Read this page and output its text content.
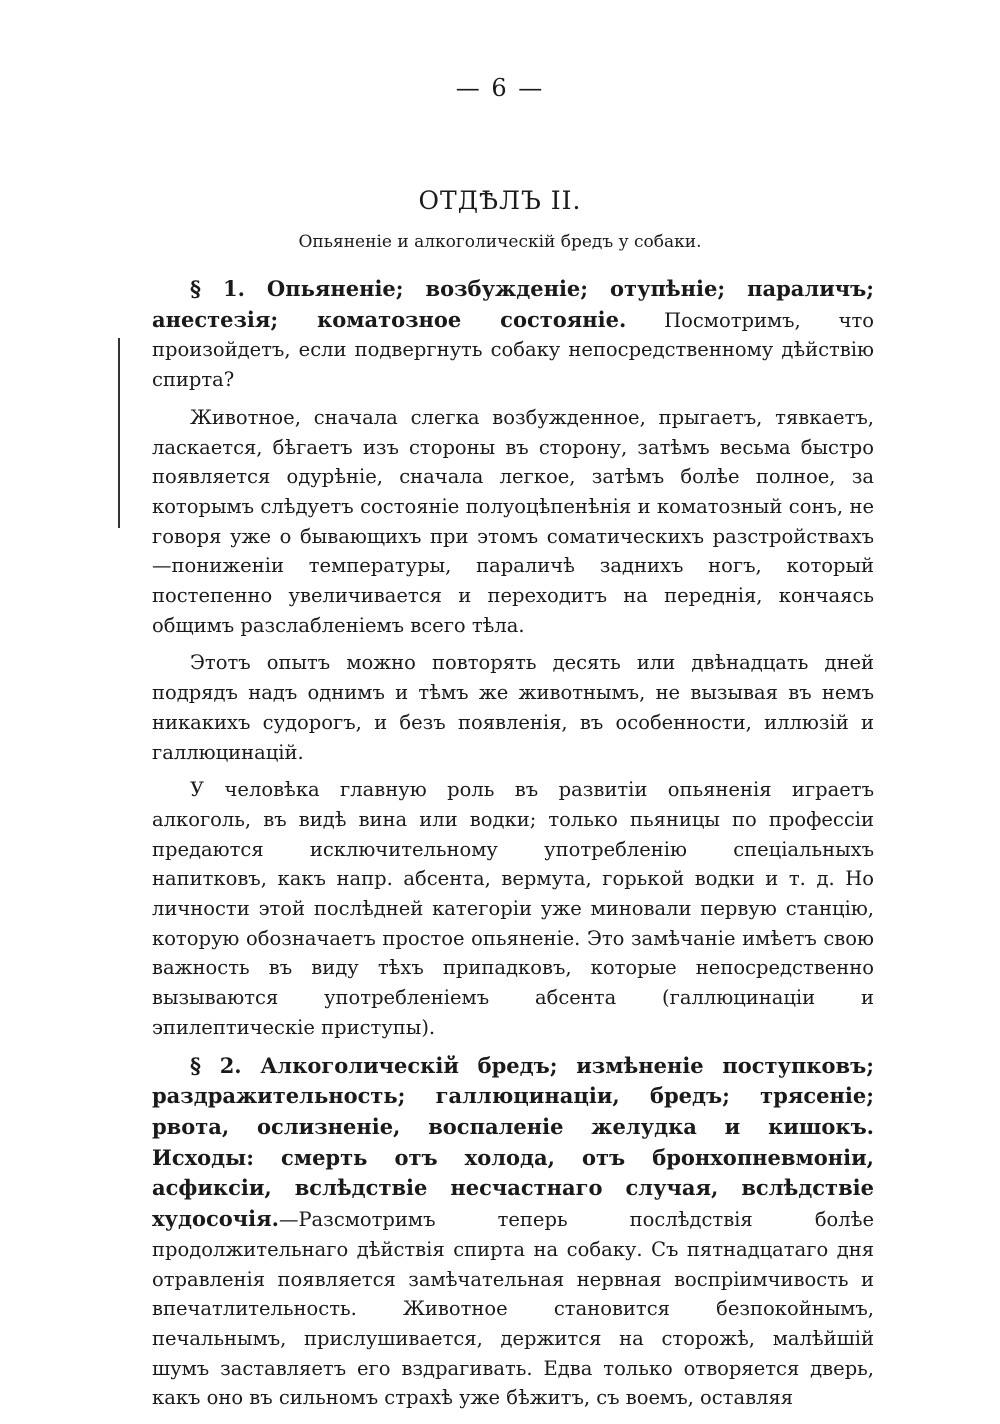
— 6 —
ОТДѢЛЪ II.
Опьяненіе и алкоголическій бредъ у собаки.

§ 1. Опьяненіе; возбужденіе; отупѣніе; параличъ; анестезія; коматозное состояніе. Посмотримъ, что произойдетъ, если подвергнуть собаку непосредственному дѣйствію спирта?

Животное, сначала слегка возбужденное, прыгаетъ, тявкаетъ, ласкается, бѣгаетъ изъ стороны въ сторону, затѣмъ весьма быстро появляется одурѣніе, сначала легкое, затѣмъ болѣе полное, за которымъ слѣдуетъ состояніе полуоцѣпенѣнія и коматозный сонъ, не говоря уже о бывающихъ при этомъ соматическихъ разстройствахъ—пониженіи температуры, параличѣ заднихъ ногъ, который постепенно увеличивается и переходитъ на переднія, кончаясь общимъ разслабленіемъ всего тѣла.

Этотъ опытъ можно повторять десять или двѣнадцать дней подрядъ надъ однимъ и тѣмъ же животнымъ, не вызывая въ немъ никакихъ судорогъ, и безъ появленія, въ особенности, иллюзій и галлюцинацій.

У человѣка главную роль въ развитіи опьяненія играетъ алкоголь, въ видѣ вина или водки; только пьяницы по профессіи предаются исключительному употребленію спеціальныхъ напитковъ, какъ напр. абсента, вермута, горькой водки и т. д. Но личности этой послѣдней категоріи уже миновали первую станцію, которую обозначаетъ простое опьяненіе. Это замѣчаніе имѣетъ свою важность въ виду тѣхъ припадковъ, которые непосредственно вызываются употребленіемъ абсента (галлюцинаціи и эпилептическіе приступы).

§ 2. Алкоголическій бредъ; измѣненіе поступковъ; раздражительность; галлюцинаціи, бредъ; трясеніе; рвота, ослизненіе, воспаленіе желудка и кишокъ. Исходы: смерть отъ холода, отъ бронхопневмоніи, асфиксіи, вслѣдствіе несчастнаго случая, вслѣдствіе худосочія.—Разсмотримъ теперь послѣдствія болѣе продолжительнаго дѣйствія спирта на собаку. Съ пятнадцатаго дня отравленія появляется замѣчательная нервная воспріимчивость и впечатлительность. Животное становится безпокойнымъ, печальнымъ, прислушивается, держится на сторожѣ, малѣйшій шумъ заставляетъ его вздрагивать. Едва только отворяется дверь, какъ оно въ сильномъ страхѣ уже бѣжитъ, съ воемъ, оставляя
